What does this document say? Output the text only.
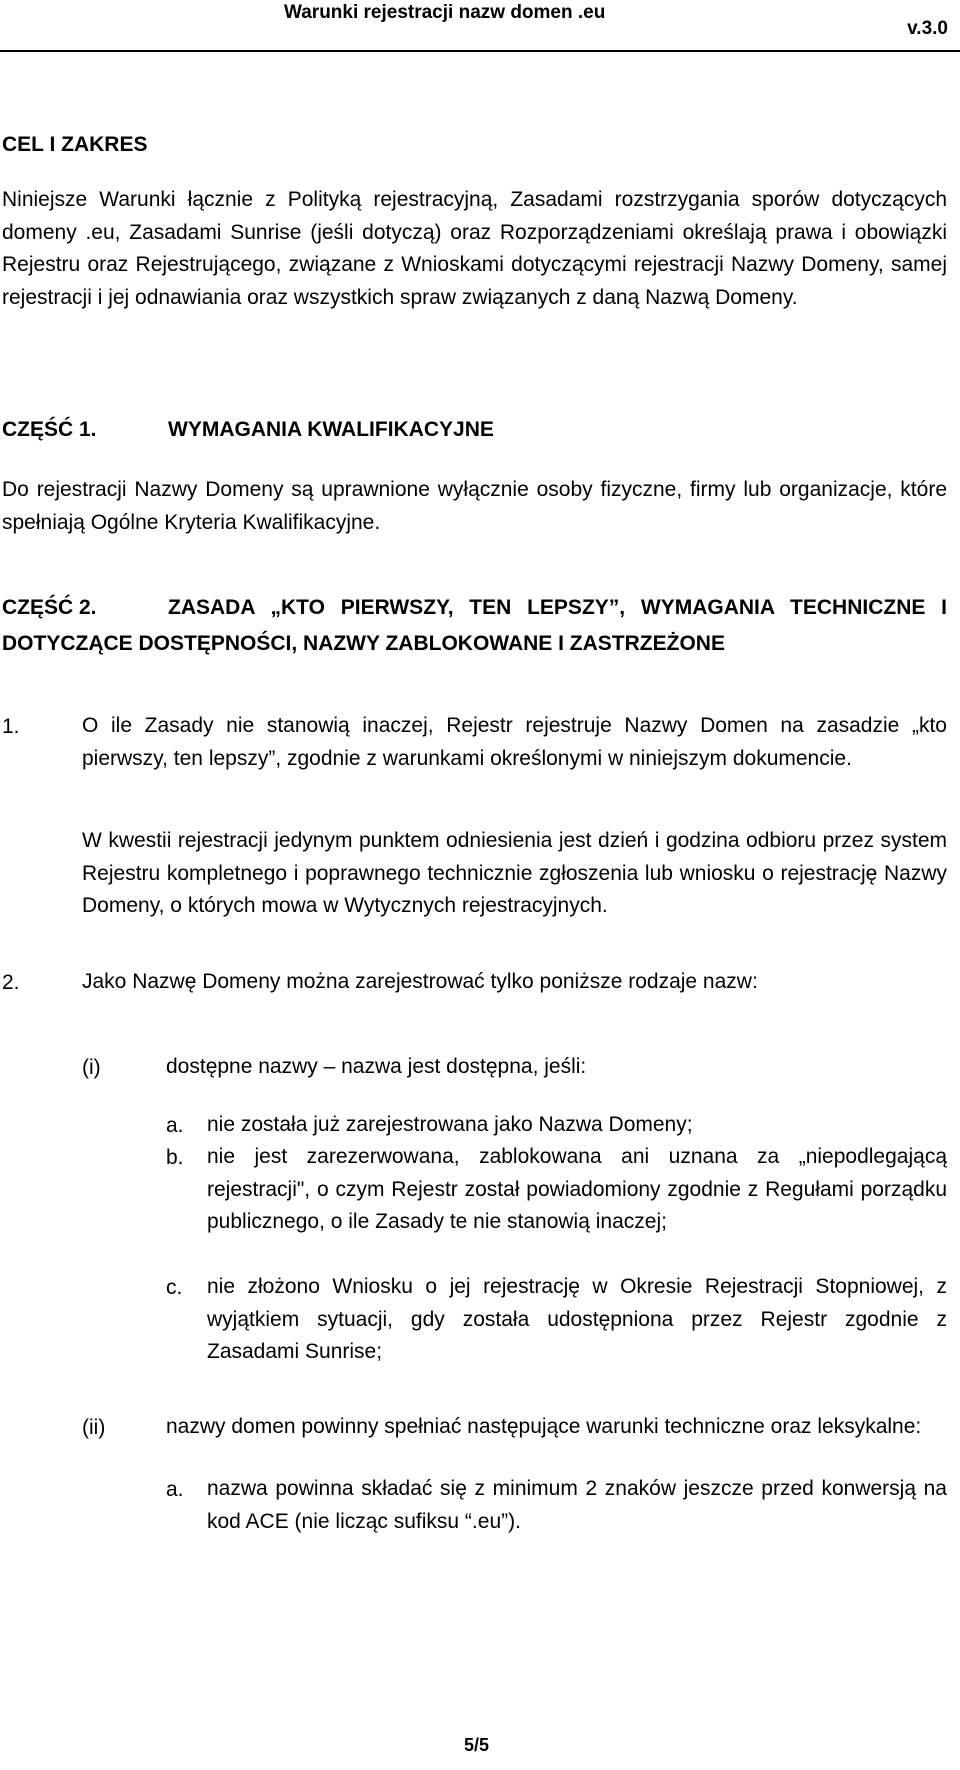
Warunki rejestracji nazw domen .eu
v.3.0
CEL I ZAKRES

Niniejsze Warunki łącznie z Polityką rejestracyjną, Zasadami rozstrzygania sporów dotyczących domeny .eu, Zasadami Sunrise (jeśli dotyczą) oraz Rozporządzeniami określają prawa i obowiązki Rejestru oraz Rejestrującego, związane z Wnioskami dotyczącymi rejestracji Nazwy Domeny, samej rejestracji i jej odnawiania oraz wszystkich spraw związanych z daną Nazwą Domeny.

CZĘŚĆ 1.	WYMAGANIA KWALIFIKACYJNE

Do rejestracji Nazwy Domeny są uprawnione wyłącznie osoby fizyczne, firmy lub organizacje, które spełniają Ogólne Kryteria Kwalifikacyjne.

CZĘŚĆ 2.	ZASADA „KTO PIERWSZY, TEN LEPSZY”, WYMAGANIA TECHNICZNE I DOTYCZĄCE DOSTĘPNOŚCI, NAZWY ZABLOKOWANE I ZASTRZEŻONE
1.	O ile Zasady nie stanowią inaczej, Rejestr rejestruje Nazwy Domen na zasadzie „kto pierwszy, ten lepszy”, zgodnie z warunkami określonymi w niniejszym dokumencie.

W kwestii rejestracji jedynym punktem odniesienia jest dzień i godzina odbioru przez system Rejestru kompletnego i poprawnego technicznie zgłoszenia lub wniosku o rejestrację Nazwy Domeny, o których mowa w Wytycznych rejestracyjnych.

2.	Jako Nazwę Domeny można zarejestrować tylko poniższe rodzaje nazw:

(i)	dostępne nazwy – nazwa jest dostępna, jeśli:

a. nie została już zarejestrowana jako Nazwa Domeny;

b. nie jest zarezerwowana, zablokowana ani uznana za „niepodlegającą rejestracji", o czym Rejestr został powiadomiony zgodnie z Regułami porządku publicznego, o ile Zasady te nie stanowią inaczej;

c. nie złożono Wniosku o jej rejestrację w Okresie Rejestracji Stopniowej, z wyjątkiem sytuacji, gdy została udostępniona przez Rejestr zgodnie z Zasadami Sunrise;

(ii)	nazwy domen powinny spełniać następujące warunki techniczne oraz leksykalne:

a. nazwa powinna składać się z minimum 2 znaków jeszcze przed konwersją na kod ACE (nie licząc sufiksu “.eu”).

5/5
